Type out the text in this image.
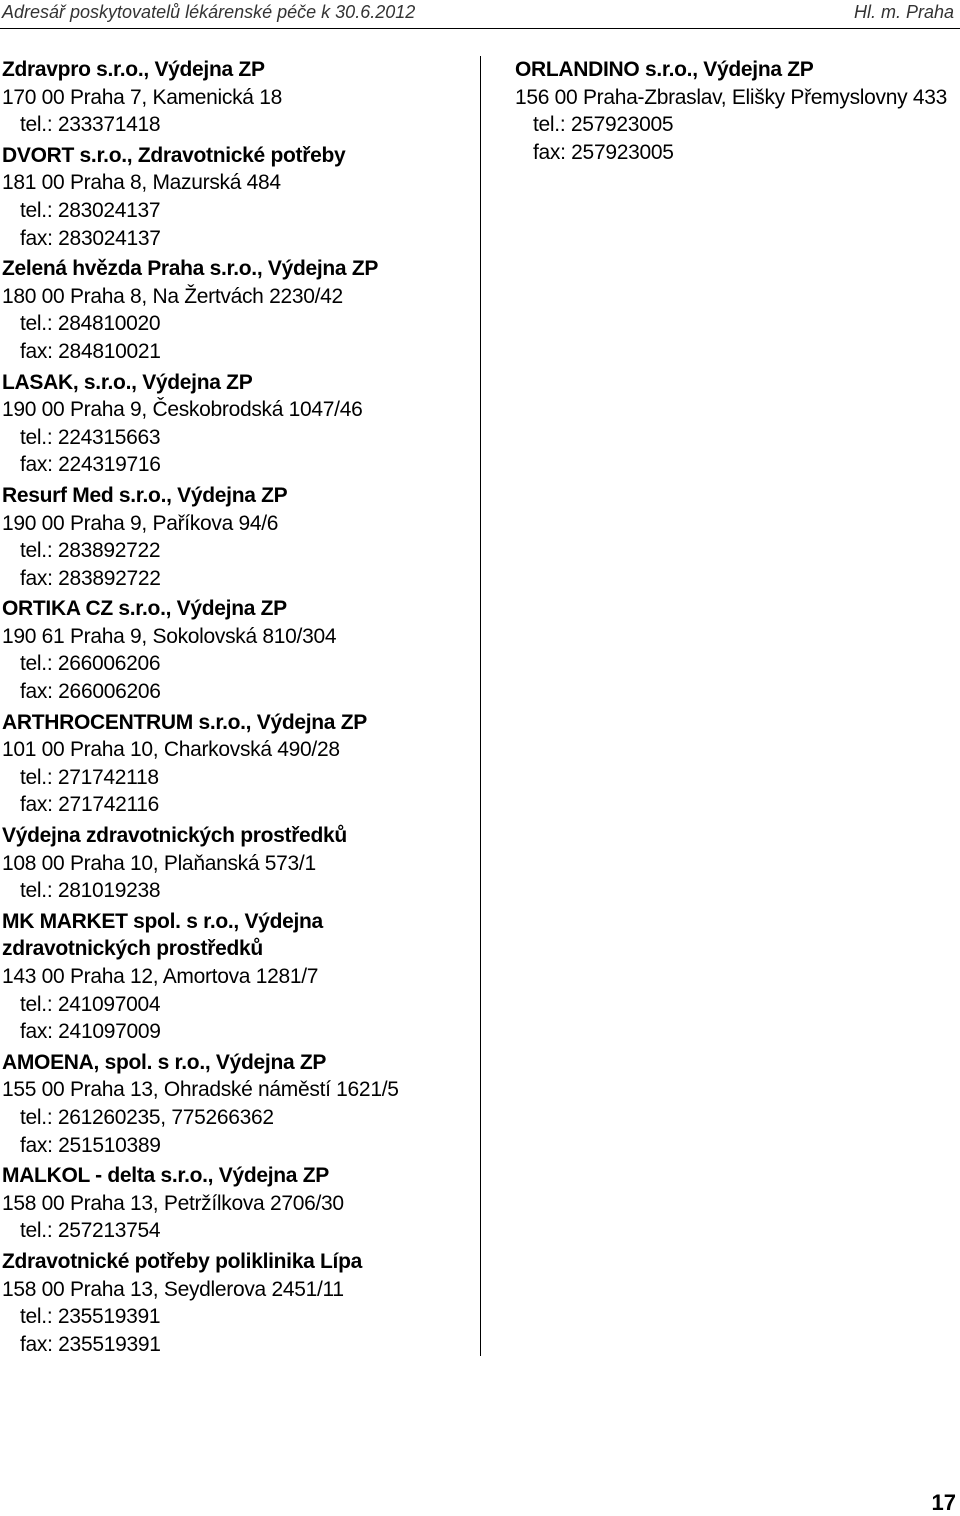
Adresář poskytovatelů lékárenské péče k 30.6.2012	Hl. m. Praha
Zdravpro s.r.o., Výdejna ZP
170 00 Praha 7, Kamenická 18
tel.: 233371418
DVORT s.r.o., Zdravotnické potřeby
181 00 Praha 8, Mazurská 484
tel.: 283024137
fax: 283024137
Zelená hvězda Praha s.r.o., Výdejna ZP
180 00 Praha 8, Na Žertvách 2230/42
tel.: 284810020
fax: 284810021
LASAK, s.r.o., Výdejna ZP
190 00 Praha 9, Českobrodská 1047/46
tel.: 224315663
fax: 224319716
Resurf Med s.r.o., Výdejna ZP
190 00 Praha 9, Paříkova 94/6
tel.: 283892722
fax: 283892722
ORTIKA CZ s.r.o., Výdejna ZP
190 61 Praha 9, Sokolovská 810/304
tel.: 266006206
fax: 266006206
ARTHROCENTRUM s.r.o., Výdejna ZP
101 00 Praha 10, Charkovská 490/28
tel.: 271742118
fax: 271742116
Výdejna zdravotnických prostředků
108 00 Praha 10, Plaňanská 573/1
tel.: 281019238
MK MARKET spol. s r.o., Výdejna zdravotnických prostředků
143 00 Praha 12, Amortova 1281/7
tel.: 241097004
fax: 241097009
AMOENA, spol. s r.o., Výdejna ZP
155 00 Praha 13, Ohradské náměstí 1621/5
tel.: 261260235, 775266362
fax: 251510389
MALKOL - delta s.r.o., Výdejna ZP
158 00 Praha 13, Petržílkova 2706/30
tel.: 257213754
Zdravotnické potřeby poliklinika Lípa
158 00 Praha 13, Seydlerova 2451/11
tel.: 235519391
fax: 235519391
ORLANDINO s.r.o., Výdejna ZP
156 00 Praha-Zbraslav, Elišky Přemyslovny 433
tel.: 257923005
fax: 257923005
17
